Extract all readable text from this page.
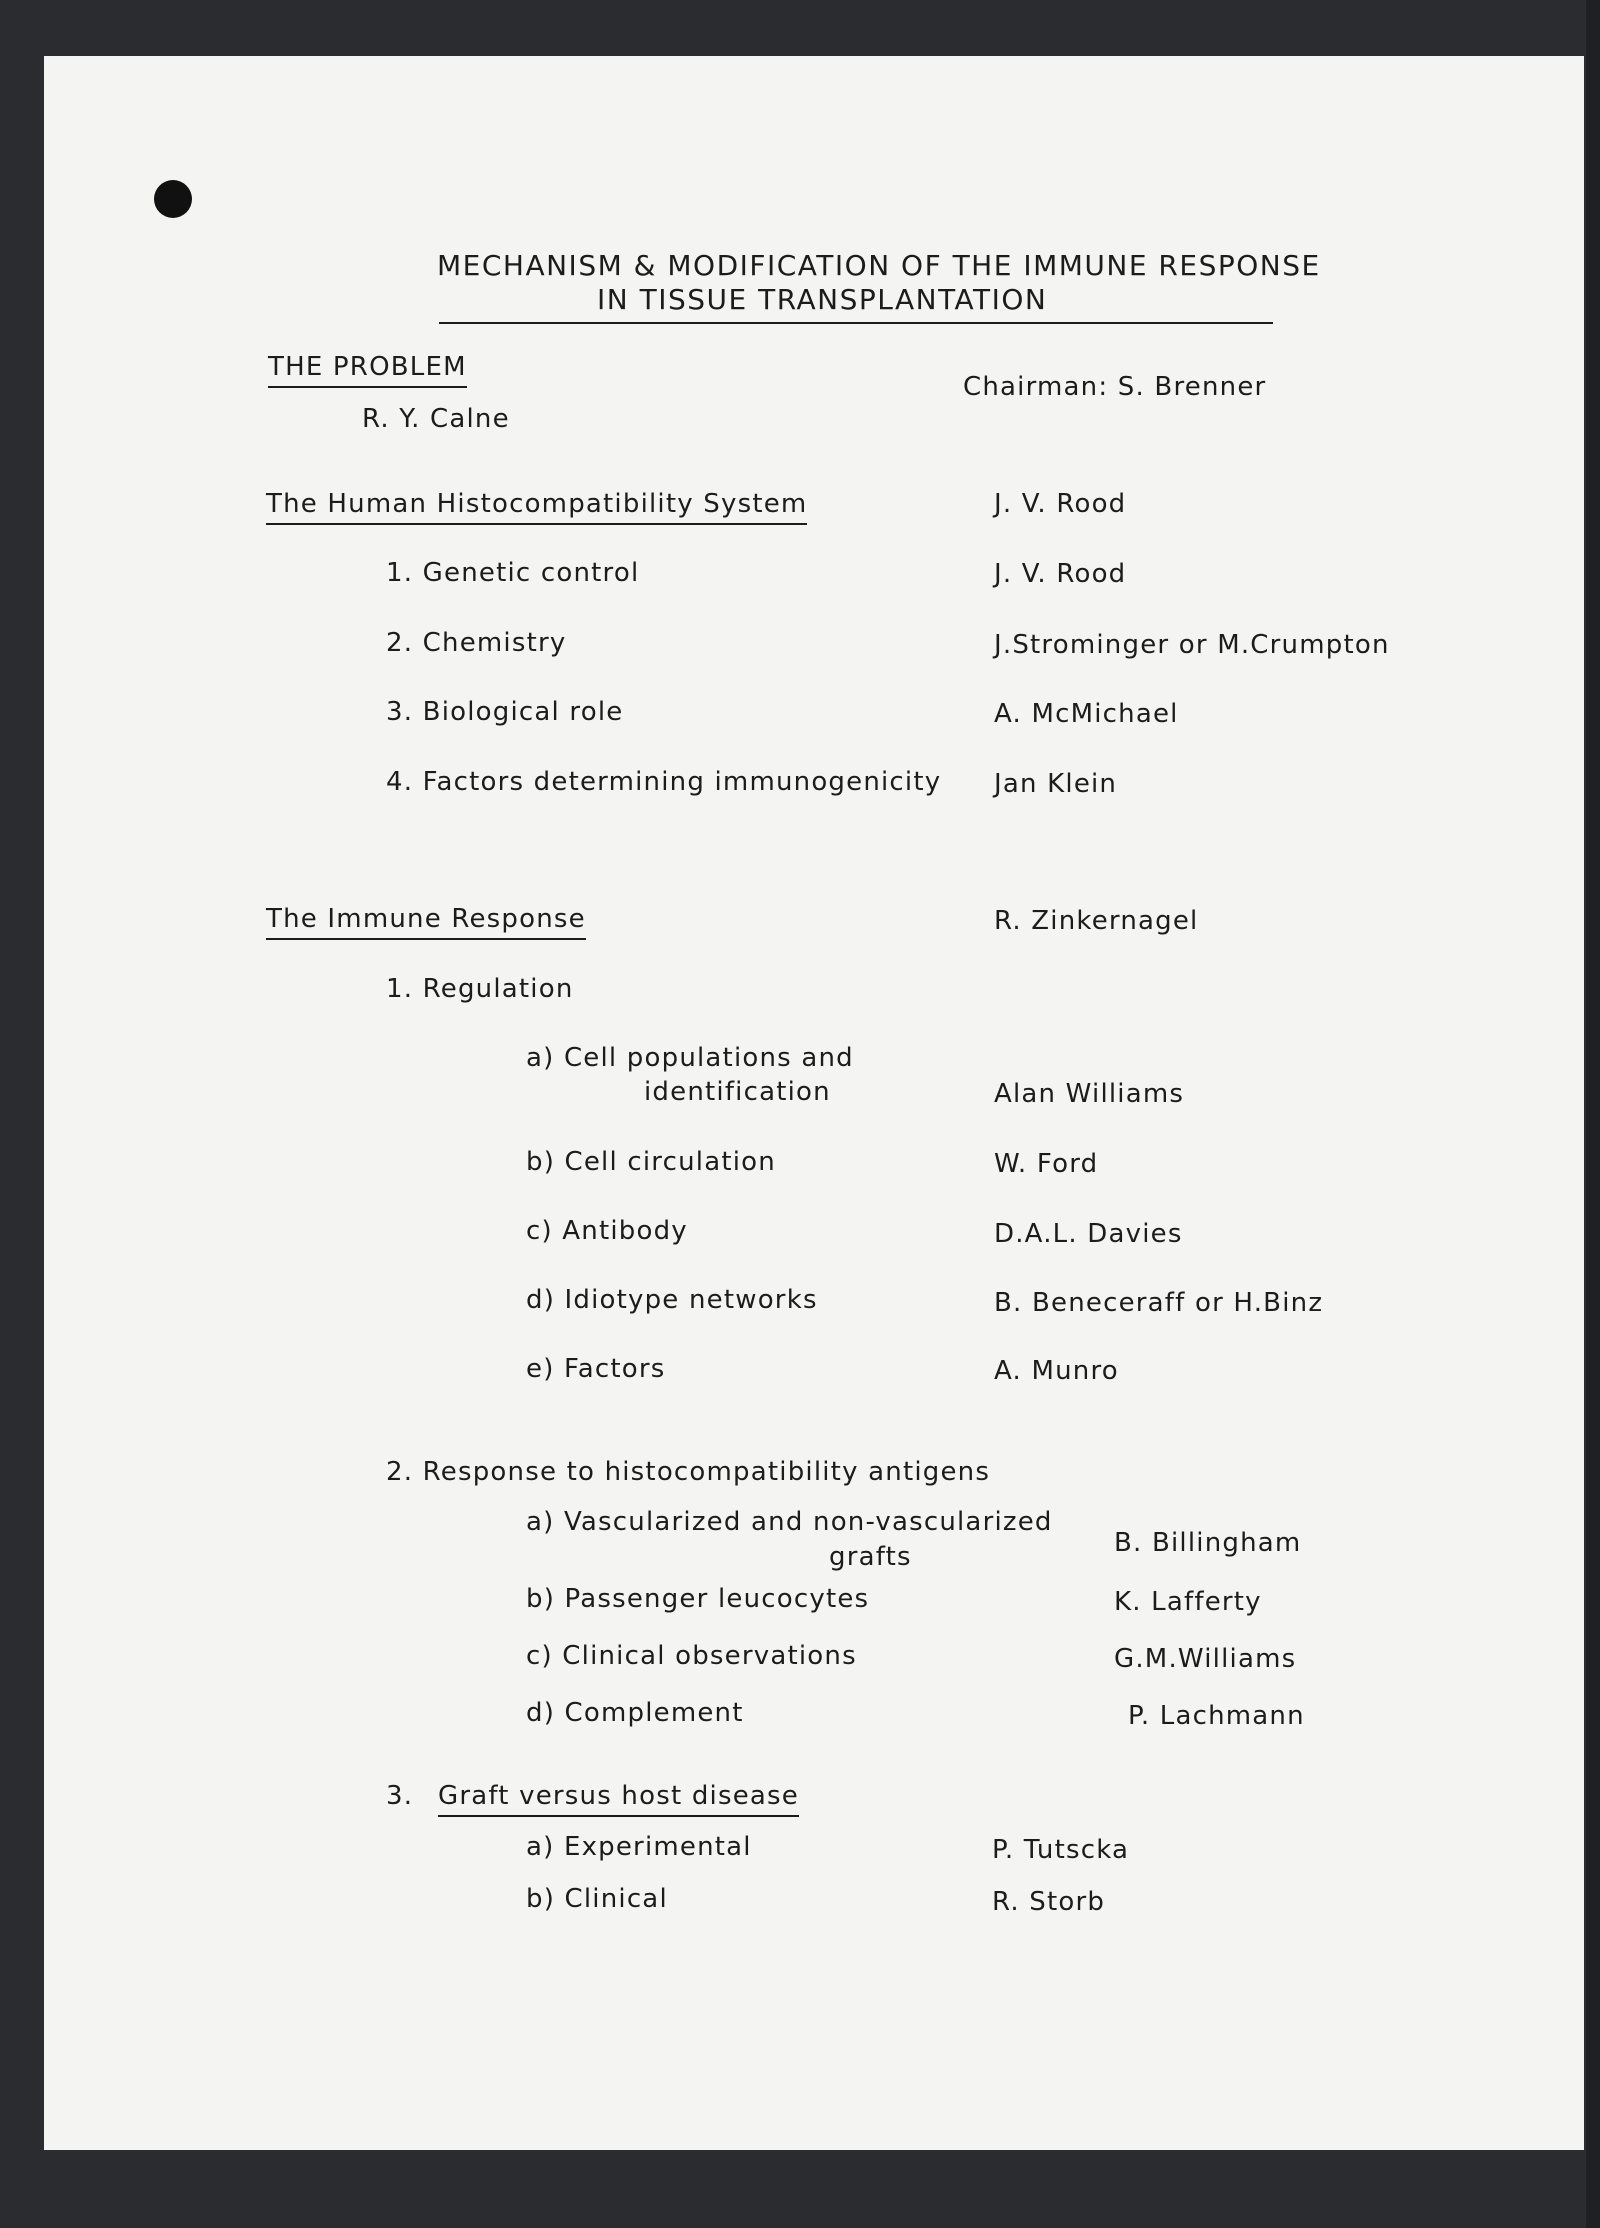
MECHANISM & MODIFICATION OF THE IMMUNE RESPONSE
IN TISSUE TRANSPLANTATION
THE PROBLEM
Chairman: S. Brenner
R. Y. Calne
The Human Histocompatibility System	J. V. Rood
1. Genetic control	J. V. Rood
2. Chemistry	J.Strominger or M.Crumpton
3. Biological role	A. McMichael
4. Factors determining immunogenicity Jan Klein
The Immune Response	R. Zinkernagel
1. Regulation
a) Cell populations and
identification	Alan Williams
b) Cell circulation	W. Ford
c) Antibody	D.A.L. Davies
d) Idiotype networks	B. Beneceraff or H.Binz
e) Factors	A. Munro
2. Response to histocompatibility antigens
a) Vascularized and non-vascularized
grafts	B. Billingham
b) Passenger leucocytes	K. Lafferty
c) Clinical observations	G.M.Williams
d) Complement	P. Lachmann
3. Graft versus host disease
a) Experimental	P. Tutscka
b) Clinical	R. Storb
